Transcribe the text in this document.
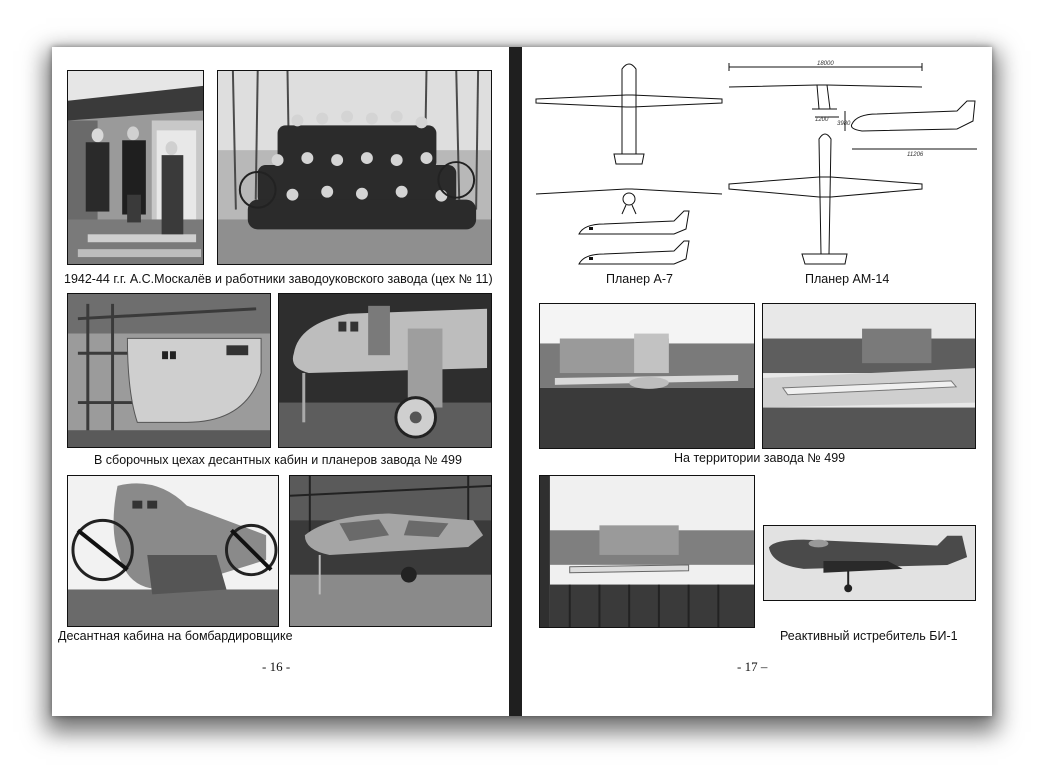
1942-44 г.г. А.С.Москалёв и работники заводоуковского завода (цех № 11)
В сборочных цехах десантных кабин и планеров завода № 499
Десантная кабина на бомбардировщике
- 16 -
Планер А-7
18000
1200
3980
11206
Планер АМ-14
На территории завода № 499
Реактивный истребитель БИ-1
- 17 –
